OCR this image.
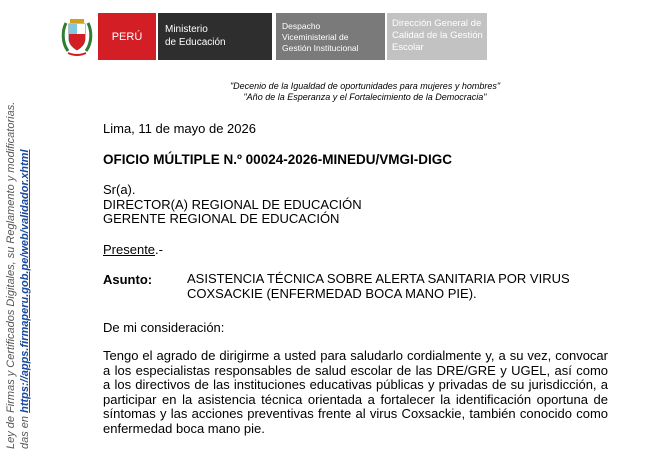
Ley de Firmas y Certificados Digitales, su Reglamento y modificatorias. das en https://apps.firmaperu.gob.pe/web/validador.xhtml
PERÚ
Ministerio
de Educación
Despacho
Viceministerial de
Gestión Institucional
Dirección General de
Calidad de la Gestión
Escolar
"Decenio de la Igualdad de oportunidades para mujeres y hombres"
"Año de la Esperanza y el Fortalecimiento de la Democracia"
Lima, 11 de mayo de 2026
OFICIO MÚLTIPLE N.º 00024-2026-MINEDU/VMGI-DIGC
Sr(a).
DIRECTOR(A) REGIONAL DE EDUCACIÓN
GERENTE REGIONAL DE EDUCACIÓN
Presente.-
Asunto:	ASISTENCIA TÉCNICA SOBRE ALERTA SANITARIA POR VIRUS
COXSACKIE (ENFERMEDAD BOCA MANO PIE).
De mi consideración:
Tengo el agrado de dirigirme a usted para saludarlo cordialmente y, a su vez, convocar a los especialistas responsables de salud escolar de las DRE/GRE y UGEL, así como a los directivos de las instituciones educativas públicas y privadas de su jurisdicción, a participar en la asistencia técnica orientada a fortalecer la identificación oportuna de síntomas y las acciones preventivas frente al virus Coxsackie, también conocido como enfermedad boca mano pie.
